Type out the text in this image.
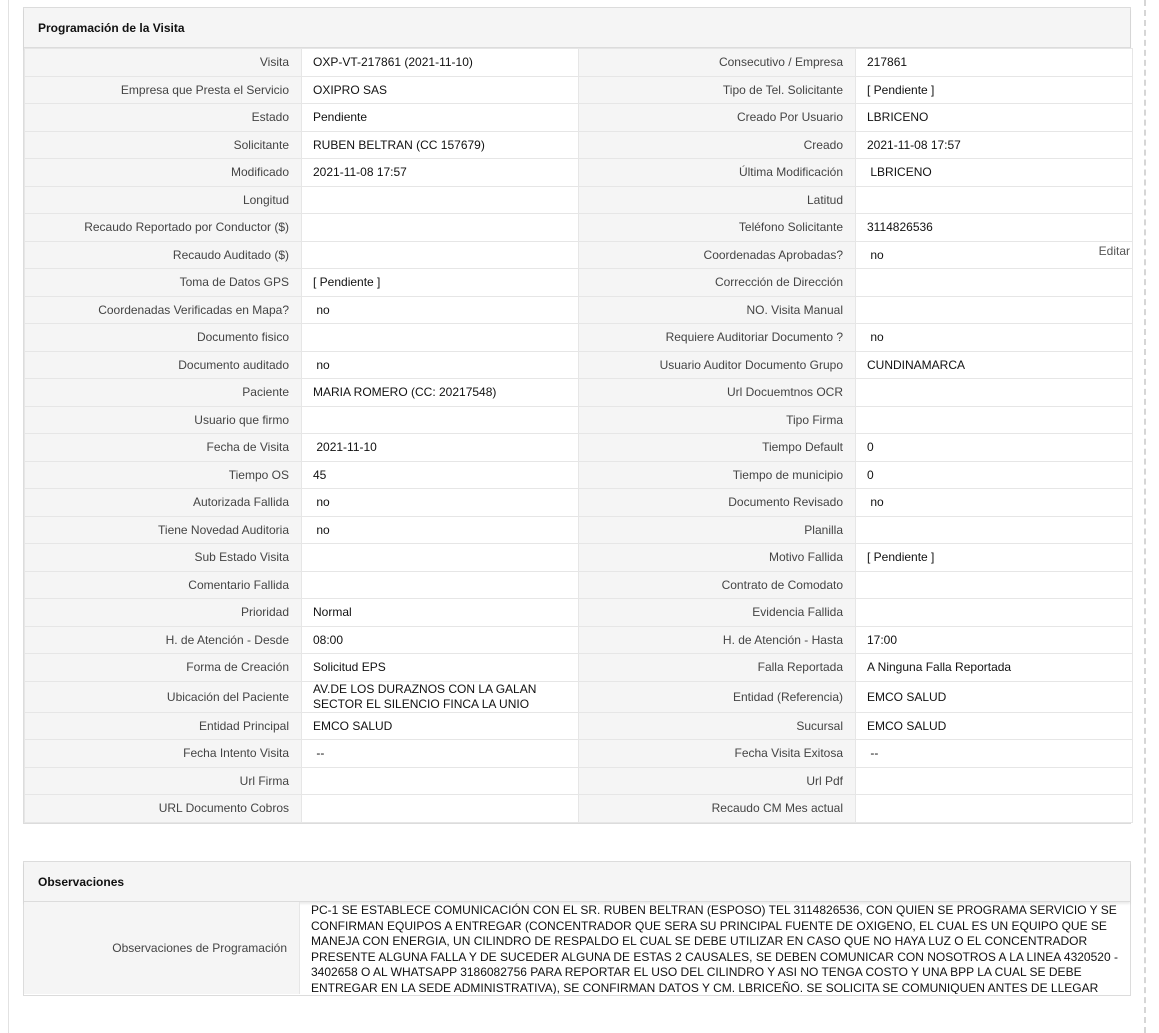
Programación de la Visita
Visita	OXP-VT-217861 (2021-11-10)	Consecutivo / Empresa	217861
Empresa que Presta el Servicio	OXIPRO SAS	Tipo de Tel. Solicitante	[ Pendiente ]
Estado	Pendiente	Creado Por Usuario	LBRICENO
Solicitante	RUBEN BELTRAN (CC 157679)	Creado	2021-11-08 17:57
Modificado	2021-11-08 17:57	Última Modificación	LBRICENO
Longitud		Latitud	
Recaudo Reportado por Conductor ($)		Teléfono Solicitante	3114826536
Recaudo Auditado ($)		Coordenadas Aprobadas?	no
Toma de Datos GPS	[ Pendiente ]	Corrección de Dirección	
Coordenadas Verificadas en Mapa?	no	NO. Visita Manual	
Documento fisico		Requiere Auditoriar Documento ?	no
Documento auditado	no	Usuario Auditor Documento Grupo	CUNDINAMARCA
Paciente	MARIA ROMERO (CC: 20217548)	Url Docuemtnos OCR	
Usuario que firmo		Tipo Firma	
Fecha de Visita	2021-11-10	Tiempo Default	0
Tiempo OS	45	Tiempo de municipio	0
Autorizada Fallida	no	Documento Revisado	no
Tiene Novedad Auditoria	no	Planilla	
Sub Estado Visita		Motivo Fallida	[ Pendiente ]
Comentario Fallida		Contrato de Comodato	
Prioridad	Normal	Evidencia Fallida	
H. de Atención - Desde	08:00	H. de Atención - Hasta	17:00
Forma de Creación	Solicitud EPS	Falla Reportada	A Ninguna Falla Reportada
Ubicación del Paciente	AV.DE LOS DURAZNOS CON LA GALAN SECTOR EL SILENCIO FINCA LA UNIO	Entidad (Referencia)	EMCO SALUD
Entidad Principal	EMCO SALUD	Sucursal	EMCO SALUD
Fecha Intento Visita	--	Fecha Visita Exitosa	--
Url Firma		Url Pdf	
URL Documento Cobros		Recaudo CM Mes actual	
Editar
Observaciones
Observaciones de Programación
PC-1 SE ESTABLECE COMUNICACIÓN CON EL SR. RUBEN BELTRAN (ESPOSO) TEL 3114826536, CON QUIEN SE PROGRAMA SERVICIO Y SE CONFIRMAN EQUIPOS A ENTREGAR (CONCENTRADOR QUE SERA SU PRINCIPAL FUENTE DE OXIGENO, EL CUAL ES UN EQUIPO QUE SE MANEJA CON ENERGIA, UN CILINDRO DE RESPALDO EL CUAL SE DEBE UTILIZAR EN CASO QUE NO HAYA LUZ O EL CONCENTRADOR PRESENTE ALGUNA FALLA Y DE SUCEDER ALGUNA DE ESTAS 2 CAUSALES, SE DEBEN COMUNICAR CON NOSOTROS A LA LINEA 4320520 - 3402658 O AL WHATSAPP 3186082756 PARA REPORTAR EL USO DEL CILINDRO Y ASI NO TENGA COSTO Y UNA BPP LA CUAL SE DEBE ENTREGAR EN LA SEDE ADMINISTRATIVA), SE CONFIRMAN DATOS Y CM. LBRICEÑO. SE SOLICITA SE COMUNIQUEN ANTES DE LLEGAR
